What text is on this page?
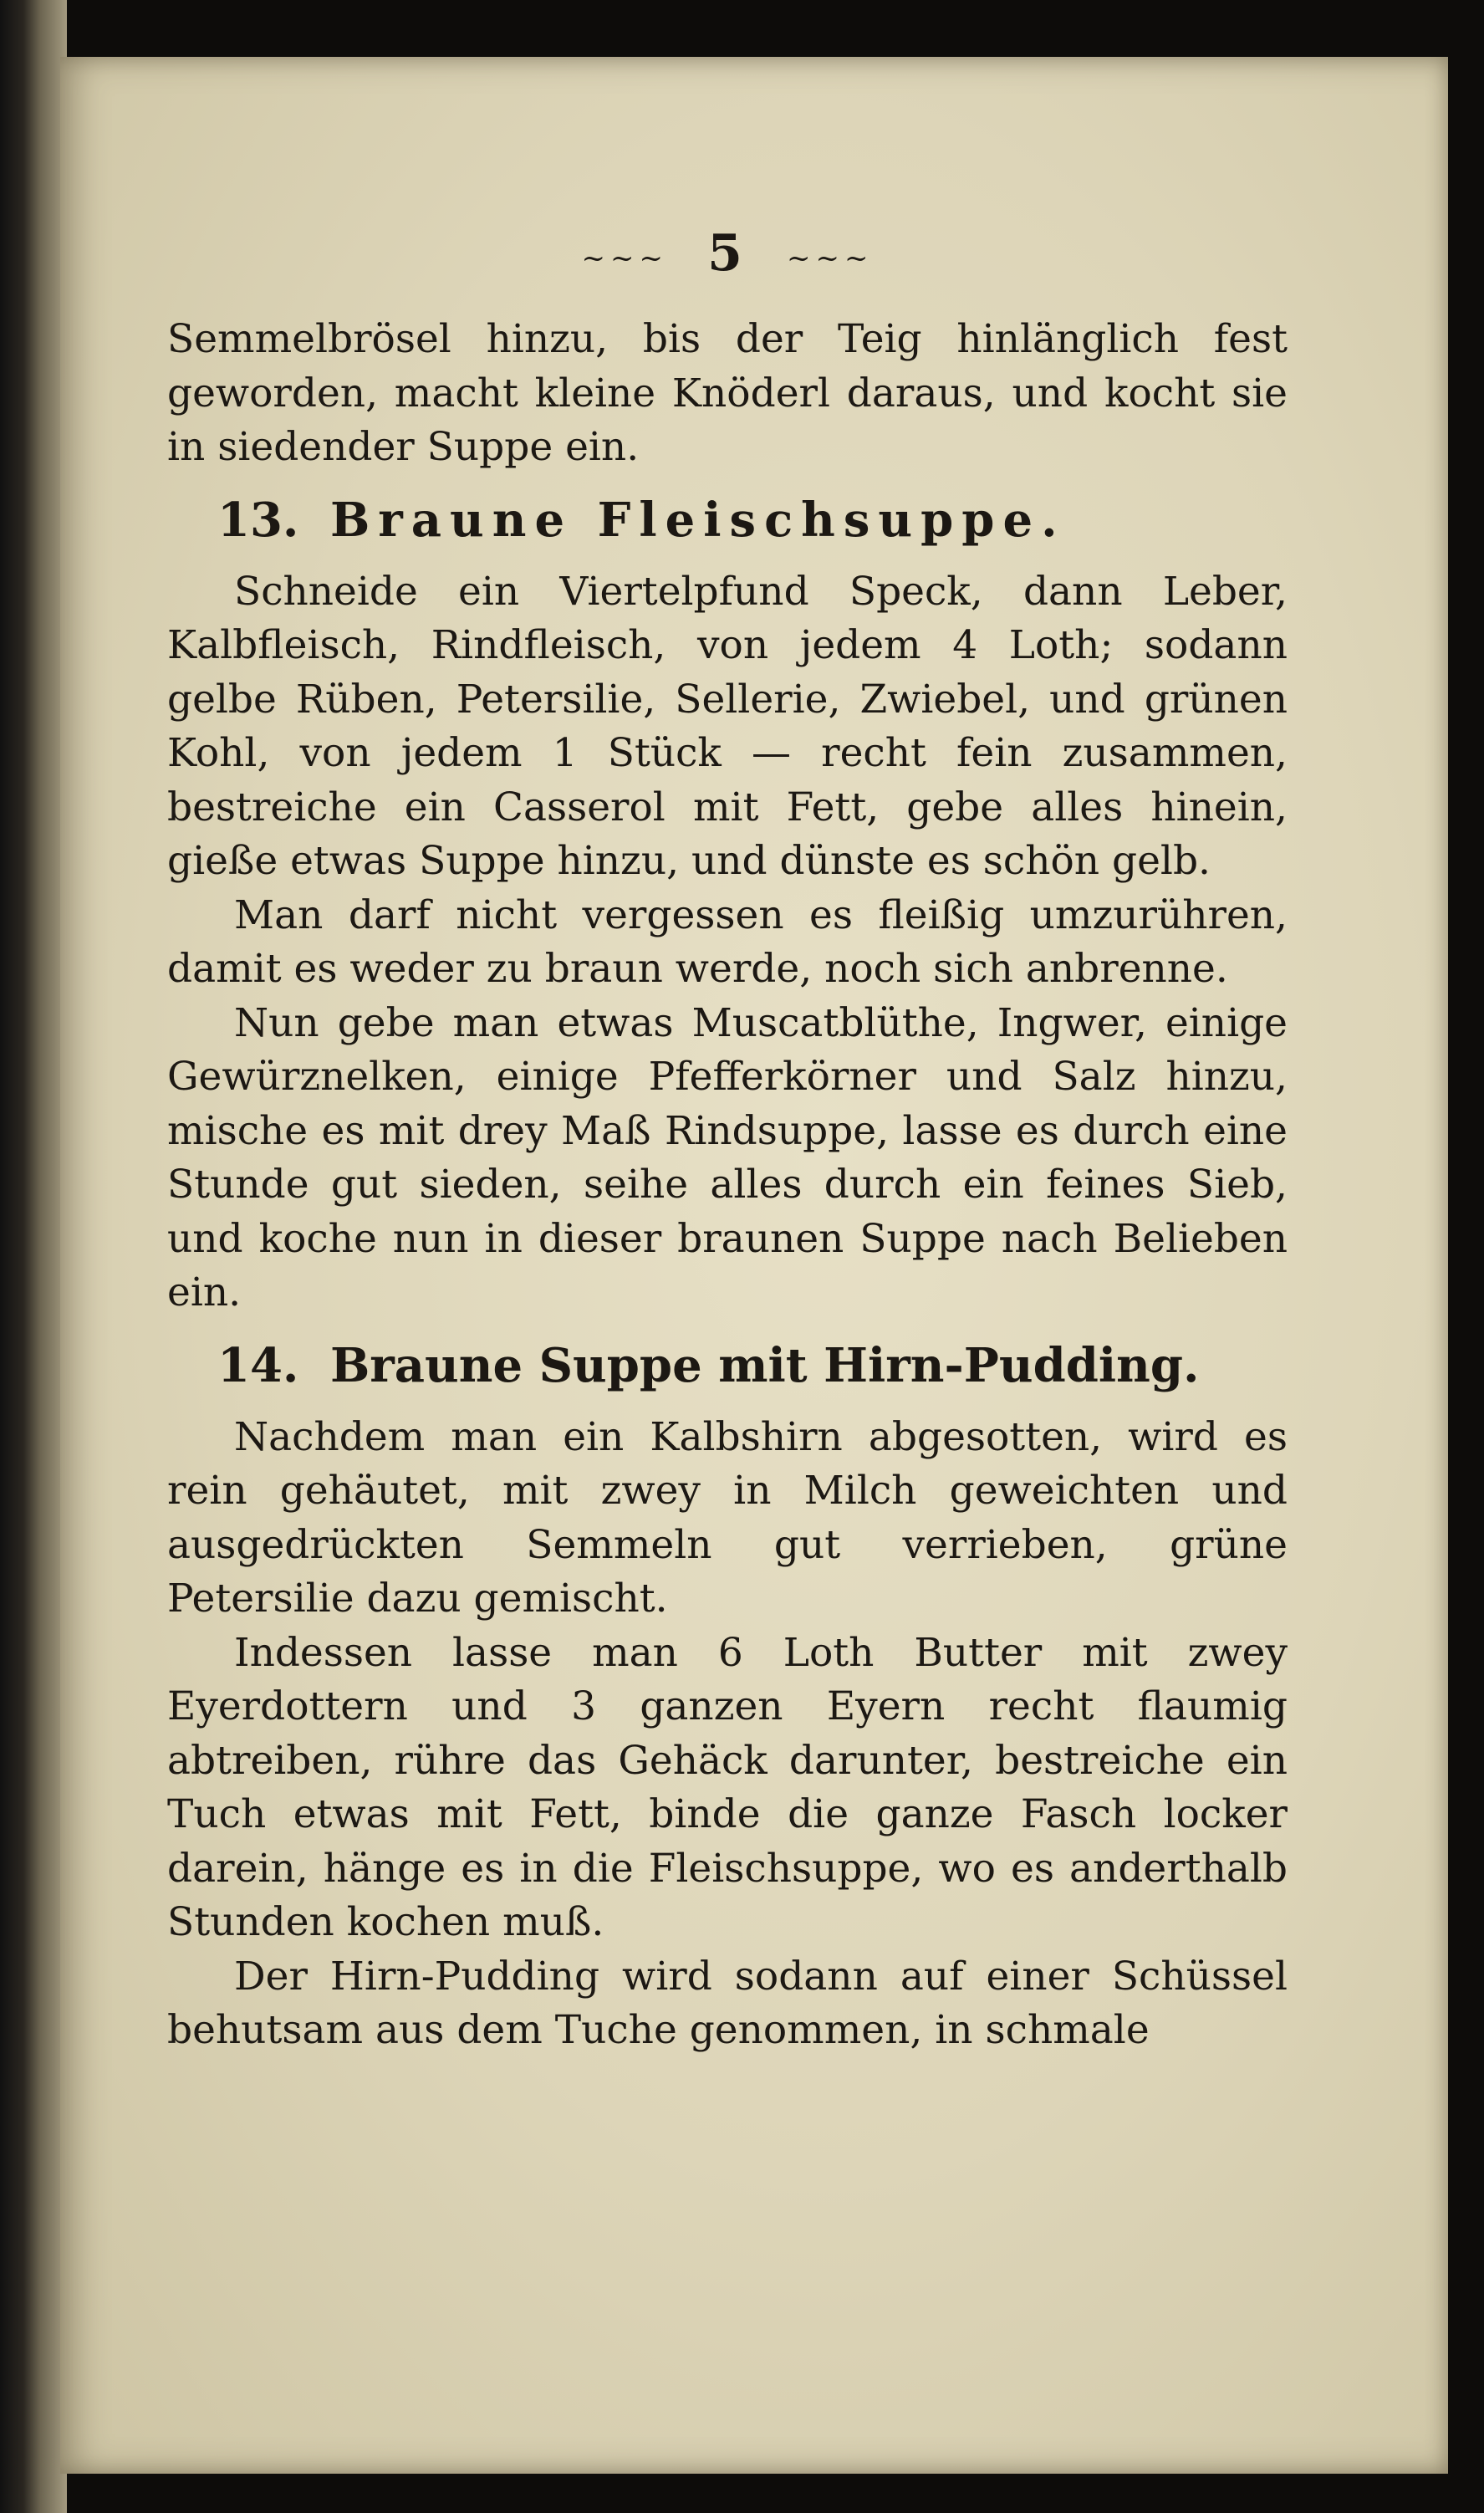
~~~ 5 ~~~

Semmelbrösel hinzu, bis der Teig hinlänglich fest geworden, macht kleine Knöderl daraus, und kocht sie in siedender Suppe ein.

13. Braune Fleischsuppe.

Schneide ein Viertelpfund Speck, dann Leber, Kalbfleisch, Rindfleisch, von jedem 4 Loth; sodann gelbe Rüben, Petersilie, Sellerie, Zwiebel, und grünen Kohl, von jedem 1 Stück — recht fein zusammen, bestreiche ein Casserol mit Fett, gebe alles hinein, gieße etwas Suppe hinzu, und dünste es schön gelb.

Man darf nicht vergessen es fleißig umzurühren, damit es weder zu braun werde, noch sich anbrenne.

Nun gebe man etwas Muscatblüthe, Ingwer, einige Gewürznelken, einige Pfefferkörner und Salz hinzu, mische es mit drey Maß Rindsuppe, lasse es durch eine Stunde gut sieden, seihe alles durch ein feines Sieb, und koche nun in dieser braunen Suppe nach Belieben ein.

14. Braune Suppe mit Hirn-Pudding.

Nachdem man ein Kalbshirn abgesotten, wird es rein gehäutet, mit zwey in Milch geweichten und ausgedrückten Semmeln gut verrieben, grüne Petersilie dazu gemischt.

Indessen lasse man 6 Loth Butter mit zwey Eyerdottern und 3 ganzen Eyern recht flaumig abtreiben, rühre das Gehäck darunter, bestreiche ein Tuch etwas mit Fett, binde die ganze Fasch locker darein, hänge es in die Fleischsuppe, wo es anderthalb Stunden kochen muß.

Der Hirn-Pudding wird sodann auf einer Schüssel behutsam aus dem Tuche genommen, in schmale
